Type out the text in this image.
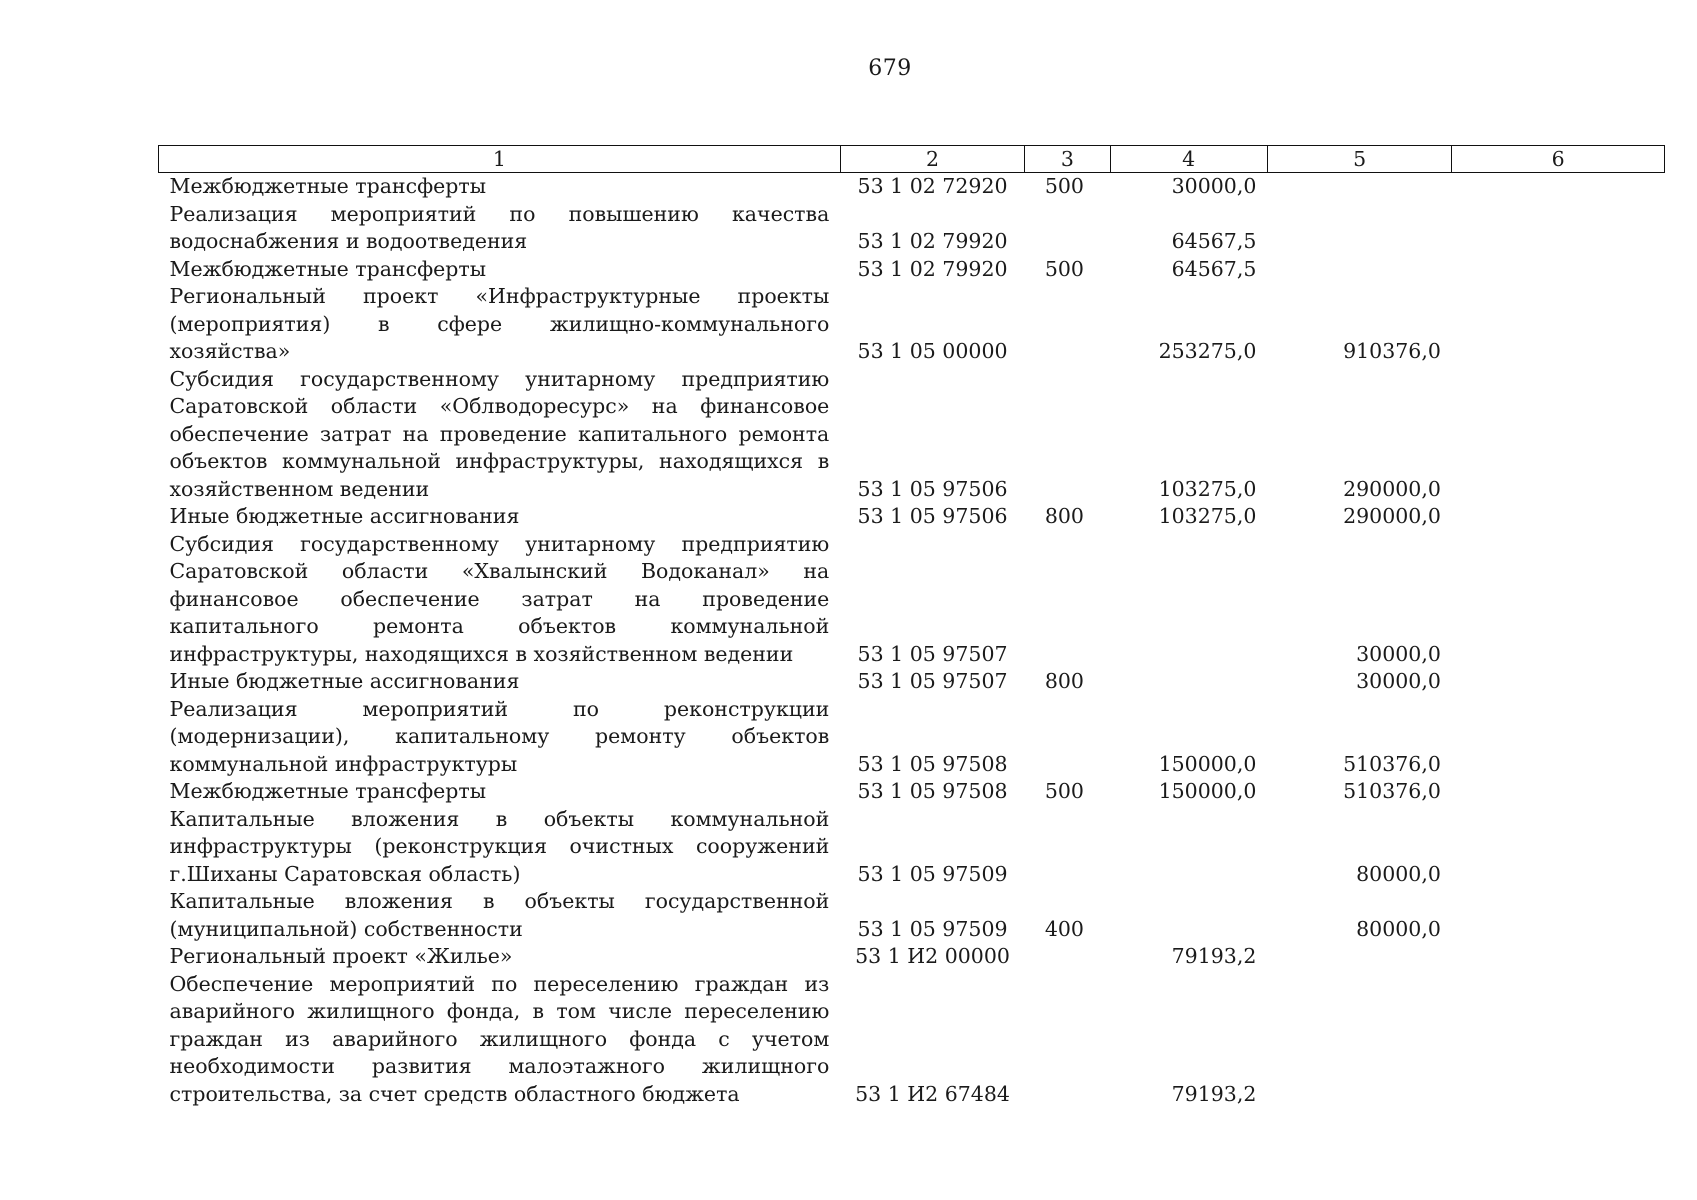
679
1	2	3	4	5	6
Межбюджетные трансферты	53 1 02 72920	500	30000,0		
Реализация мероприятий по повышению качества водоснабжения и водоотведения	53 1 02 79920		64567,5		
Межбюджетные трансферты	53 1 02 79920	500	64567,5		
Региональный проект «Инфраструктурные проекты (мероприятия) в сфере жилищно-коммунального хозяйства»	53 1 05 00000		253275,0	910376,0	
Субсидия государственному унитарному предприятию Саратовской области «Облводоресурс» на финансовое обеспечение затрат на проведение капитального ремонта объектов коммунальной инфраструктуры, находящихся в хозяйственном ведении	53 1 05 97506		103275,0	290000,0	
Иные бюджетные ассигнования	53 1 05 97506	800	103275,0	290000,0	
Субсидия государственному унитарному предприятию Саратовской области «Хвалынский Водоканал» на финансовое обеспечение затрат на проведение капитального ремонта объектов коммунальной инфраструктуры, находящихся в хозяйственном ведении	53 1 05 97507			30000,0	
Иные бюджетные ассигнования	53 1 05 97507	800		30000,0	
Реализация мероприятий по реконструкции (модернизации), капитальному ремонту объектов коммунальной инфраструктуры	53 1 05 97508		150000,0	510376,0	
Межбюджетные трансферты	53 1 05 97508	500	150000,0	510376,0	
Капитальные вложения в объекты коммунальной инфраструктуры (реконструкция очистных сооружений г.Шиханы Саратовская область)	53 1 05 97509			80000,0	
Капитальные вложения в объекты государственной (муниципальной) собственности	53 1 05 97509	400		80000,0	
Региональный проект «Жилье»	53 1 И2 00000		79193,2		
Обеспечение мероприятий по переселению граждан из аварийного жилищного фонда, в том числе переселению граждан из аварийного жилищного фонда с учетом необходимости развития малоэтажного жилищного строительства, за счет средств областного бюджета	53 1 И2 67484		79193,2		
